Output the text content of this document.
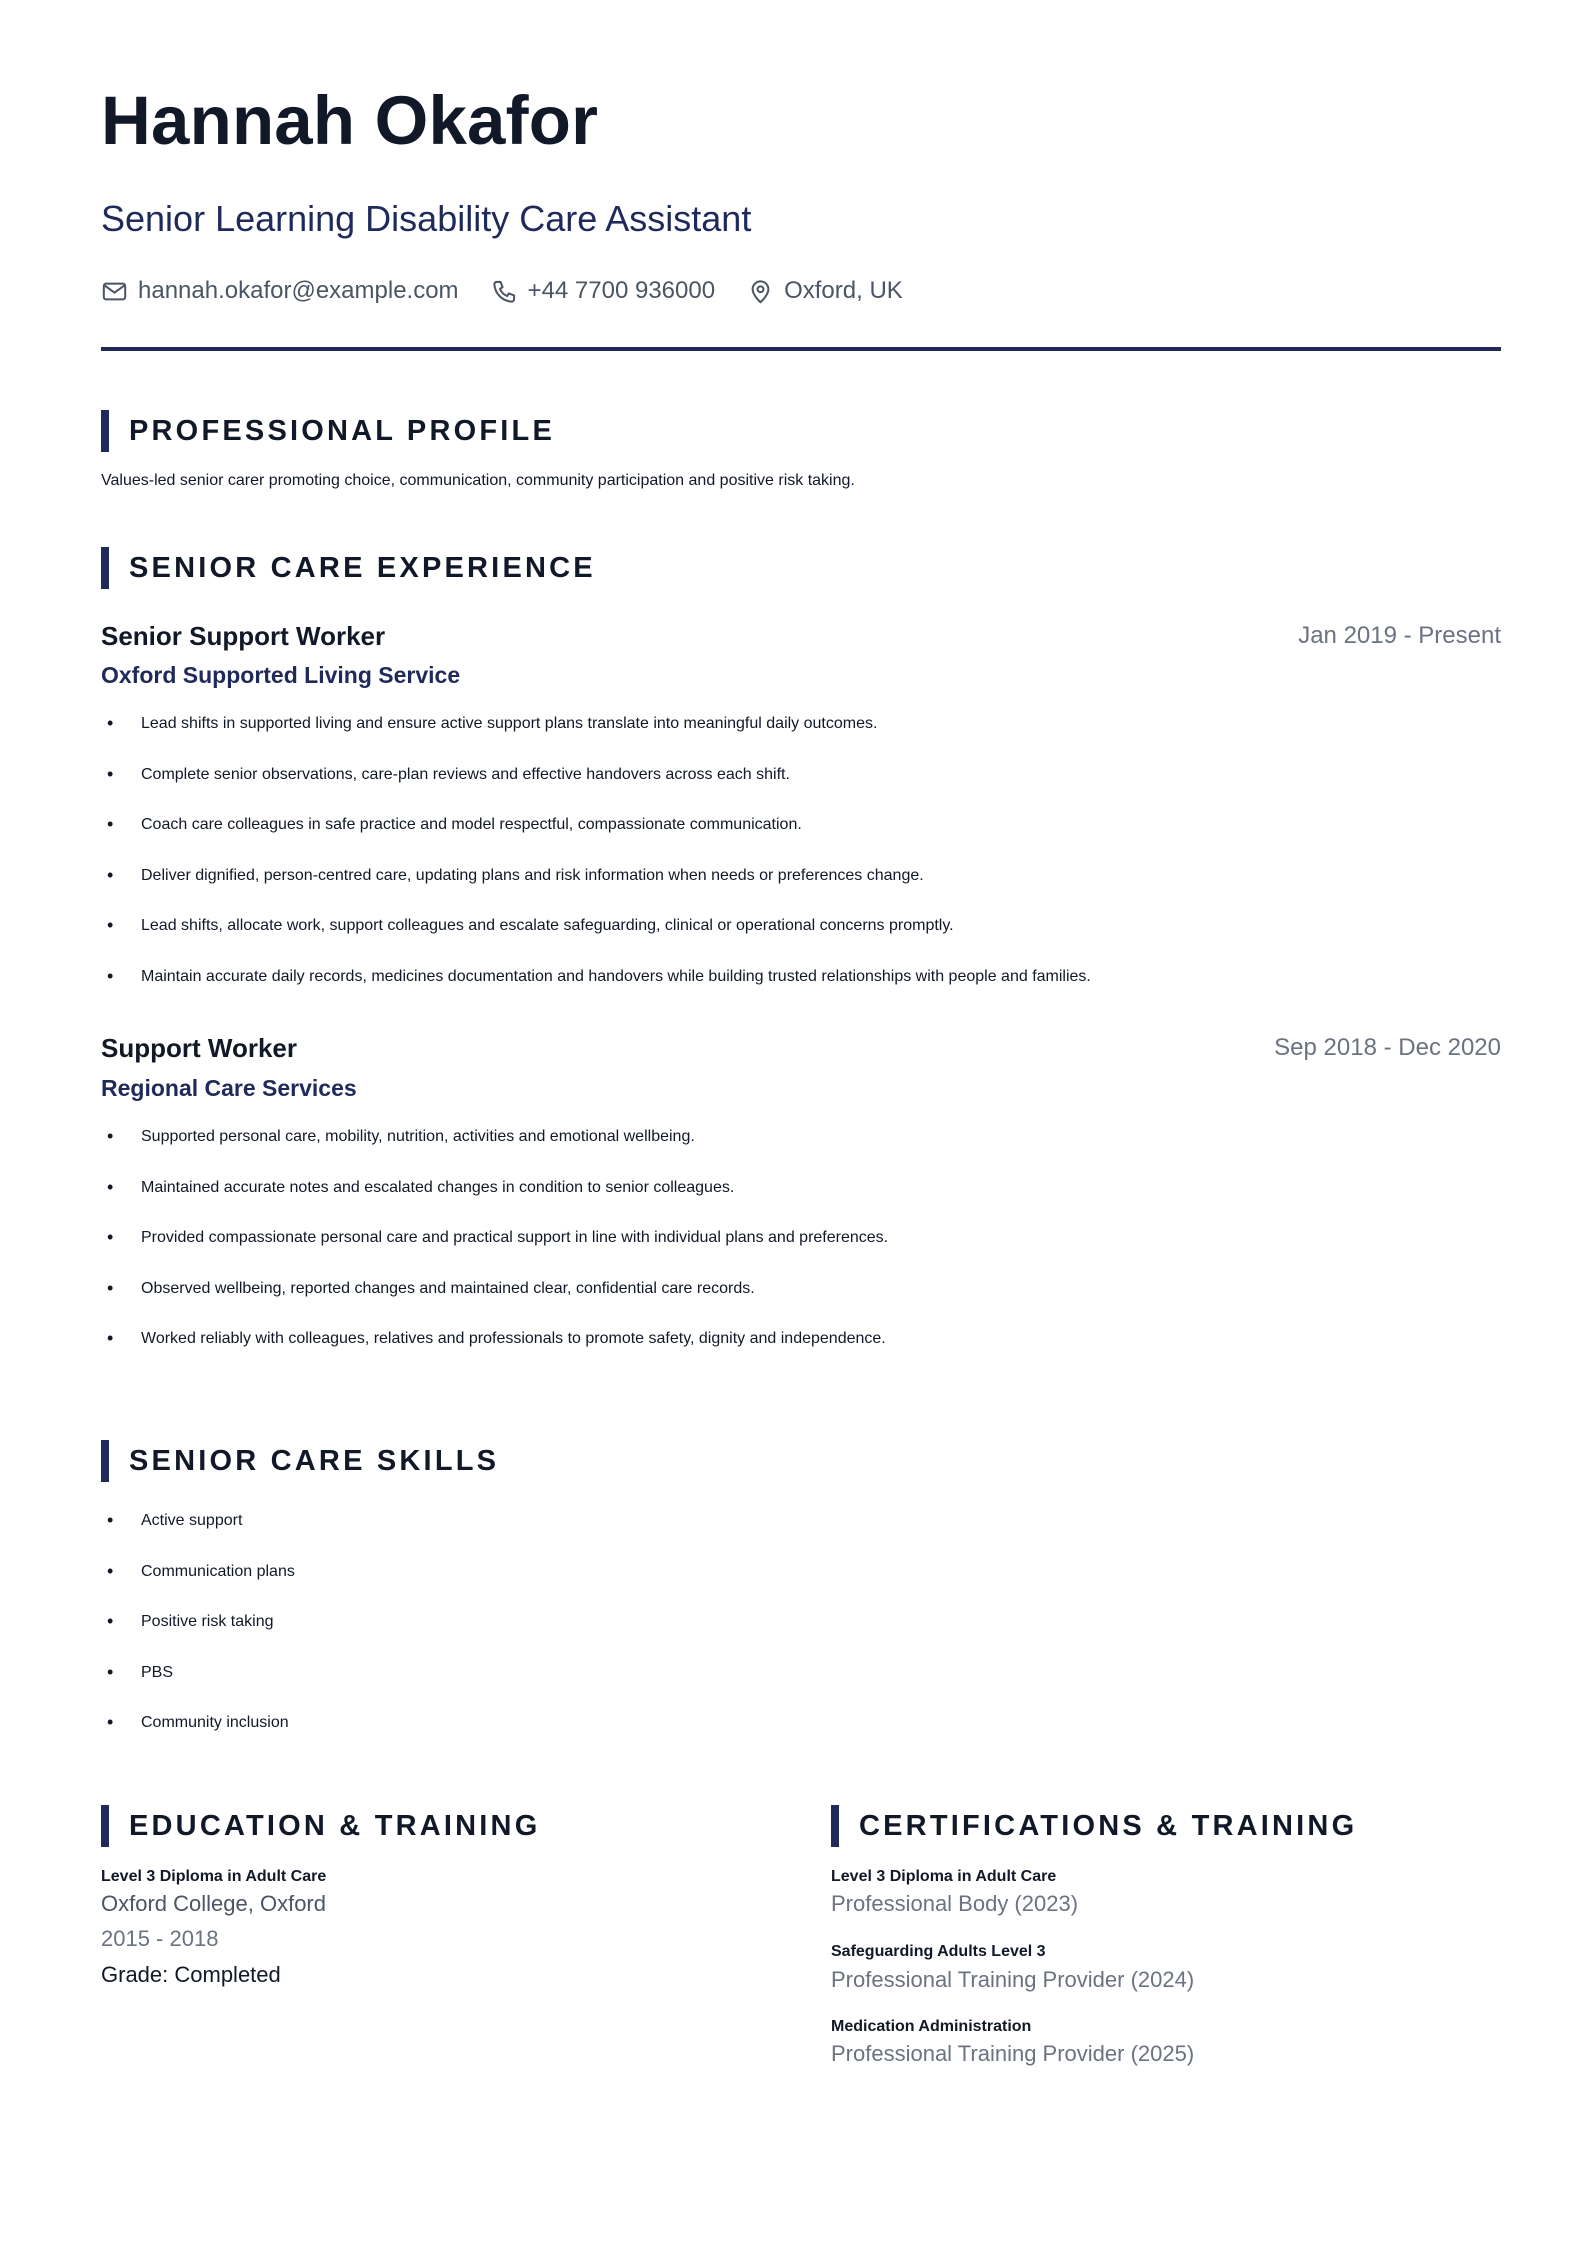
Hannah Okafor
Senior Learning Disability Care Assistant
hannah.okafor@example.com	+44 7700 936000	Oxford, UK
PROFESSIONAL PROFILE
Values-led senior carer promoting choice, communication, community participation and positive risk taking.
SENIOR CARE EXPERIENCE
Senior Support Worker	Jan 2019 - Present
Oxford Supported Living Service
• Lead shifts in supported living and ensure active support plans translate into meaningful daily outcomes.
• Complete senior observations, care-plan reviews and effective handovers across each shift.
• Coach care colleagues in safe practice and model respectful, compassionate communication.
• Deliver dignified, person-centred care, updating plans and risk information when needs or preferences change.
• Lead shifts, allocate work, support colleagues and escalate safeguarding, clinical or operational concerns promptly.
• Maintain accurate daily records, medicines documentation and handovers while building trusted relationships with people and families.
Support Worker	Sep 2018 - Dec 2020
Regional Care Services
• Supported personal care, mobility, nutrition, activities and emotional wellbeing.
• Maintained accurate notes and escalated changes in condition to senior colleagues.
• Provided compassionate personal care and practical support in line with individual plans and preferences.
• Observed wellbeing, reported changes and maintained clear, confidential care records.
• Worked reliably with colleagues, relatives and professionals to promote safety, dignity and independence.
SENIOR CARE SKILLS
• Active support
• Communication plans
• Positive risk taking
• PBS
• Community inclusion
EDUCATION & TRAINING
Level 3 Diploma in Adult Care
Oxford College, Oxford
2015 - 2018
Grade: Completed
CERTIFICATIONS & TRAINING
Level 3 Diploma in Adult Care
Professional Body (2023)
Safeguarding Adults Level 3
Professional Training Provider (2024)
Medication Administration
Professional Training Provider (2025)
